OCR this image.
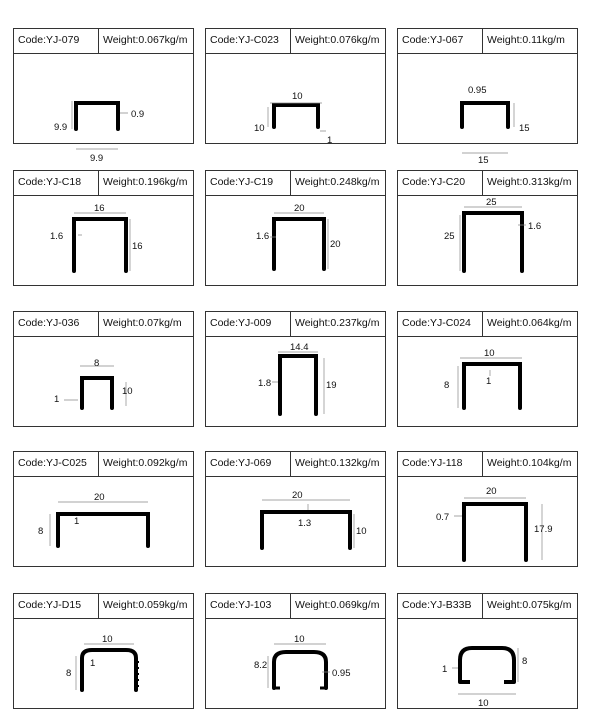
Code:YJ-079 Weight:0.067kg/m
9.9
0.9
9.9
Code:YJ-C023 Weight:0.076kg/m
10
10
1
Code:YJ-067 Weight:0.11kg/m
0.95
15
15
Code:YJ-C18 Weight:0.196kg/m
16
1.6
16
Code:YJ-C19 Weight:0.248kg/m
20
1.6
20
Code:YJ-C20 Weight:0.313kg/m
25
25
1.6
Code:YJ-036 Weight:0.07kg/m
8
1
10
Code:YJ-009 Weight:0.237kg/m
14.4
1.8	19
Code:YJ-C024 Weight:0.064kg/m
10
8	1
Code:YJ-C025 Weight:0.092kg/m
20
8
1
Code:YJ-069 Weight:0.132kg/m
20
1.3
10
Code:YJ-118 Weight:0.104kg/m
20
0.7
17.9
Code:YJ-D15 Weight:0.059kg/m
10
8
1
Code:YJ-103 Weight:0.069kg/m
10
8.2
0.95
Code:YJ-B33B Weight:0.075kg/m
1
8
10
